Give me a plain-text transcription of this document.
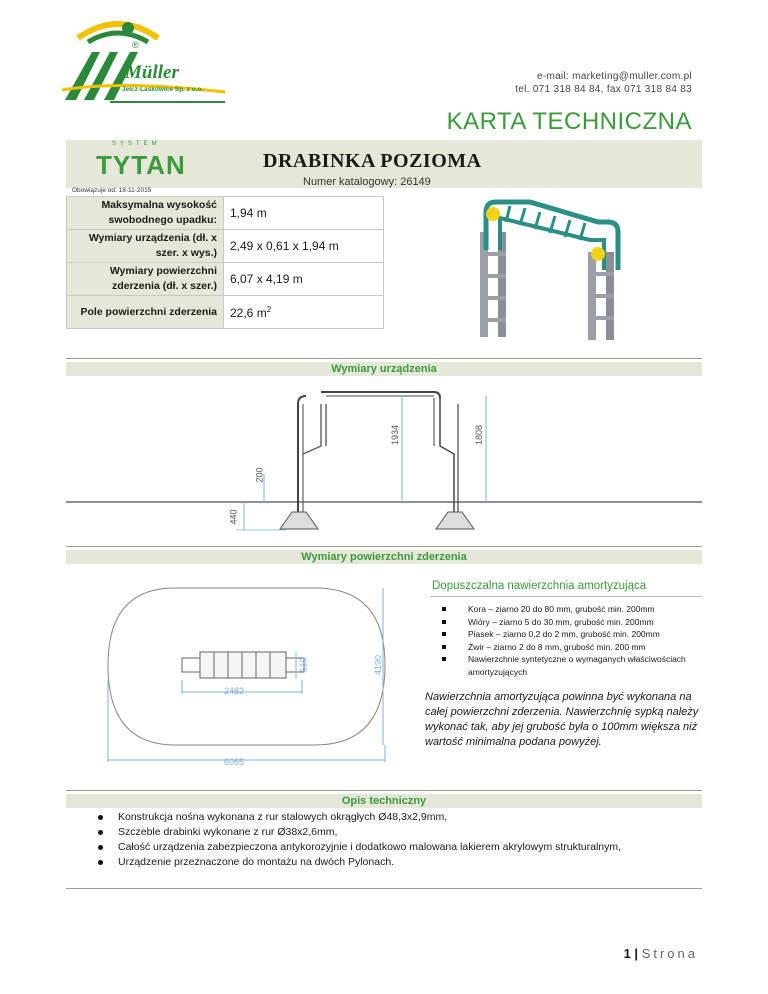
®
Müller
Jelcz-Laskowice Sp. z o.o.
e-mail: marketing@muller.com.pl
tel. 071 318 84 84, fax 071 318 84 83
KARTA TECHNICZNA
SYSTEM
TYTAN	DRABINKA POZIOMA
Numer katalogowy: 26149
Obowiązuje od: 18-11-2015
Maksymalna wysokość swobodnego upadku:	1,94 m
Wymiary urządzenia (dł. x szer. x wys.)	2,49 x 0,61 x 1,94 m
Wymiary powierzchni zderzenia (dł. x szer.)	6,07 x 4,19 m
Pole powierzchni zderzenia	22,6 $m^2$
Wymiary urządzenia
1934	1808
200
440
Wymiary powierzchni zderzenia
610	4190
2482
6065
Dopuszczalna nawierzchnia amortyzująca
Kora – ziarno 20 do 80 mm, grubość min. 200mm
Wióry – ziarno 5 do 30 mm, grubość min. 200mm
Piasek – ziarno 0,2 do 2 mm, grubość min. 200mm
Żwir – ziarno 2 do 8 mm, grubość min. 200 mm
Nawierzchnie syntetyczne o wymaganych właściwościach amortyzujących
Nawierzchnia amortyzująca powinna być wykonana na całej powierzchni zderzenia. Nawierzchnię sypką należy wykonać tak, aby jej grubość była o 100mm większa niż wartość minimalna podana powyżej.
Opis techniczny
Konstrukcja nośna wykonana z rur stalowych okrągłych Ø48,3x2,9mm,
Szczeble drabinki wykonane z rur Ø38x2,6mm,
Całość urządzenia zabezpieczona antykorozyjnie i dodatkowo malowana lakierem akrylowym strukturalnym,
Urządzenie przeznaczone do montażu na dwóch Pylonach.
1 | Strona
